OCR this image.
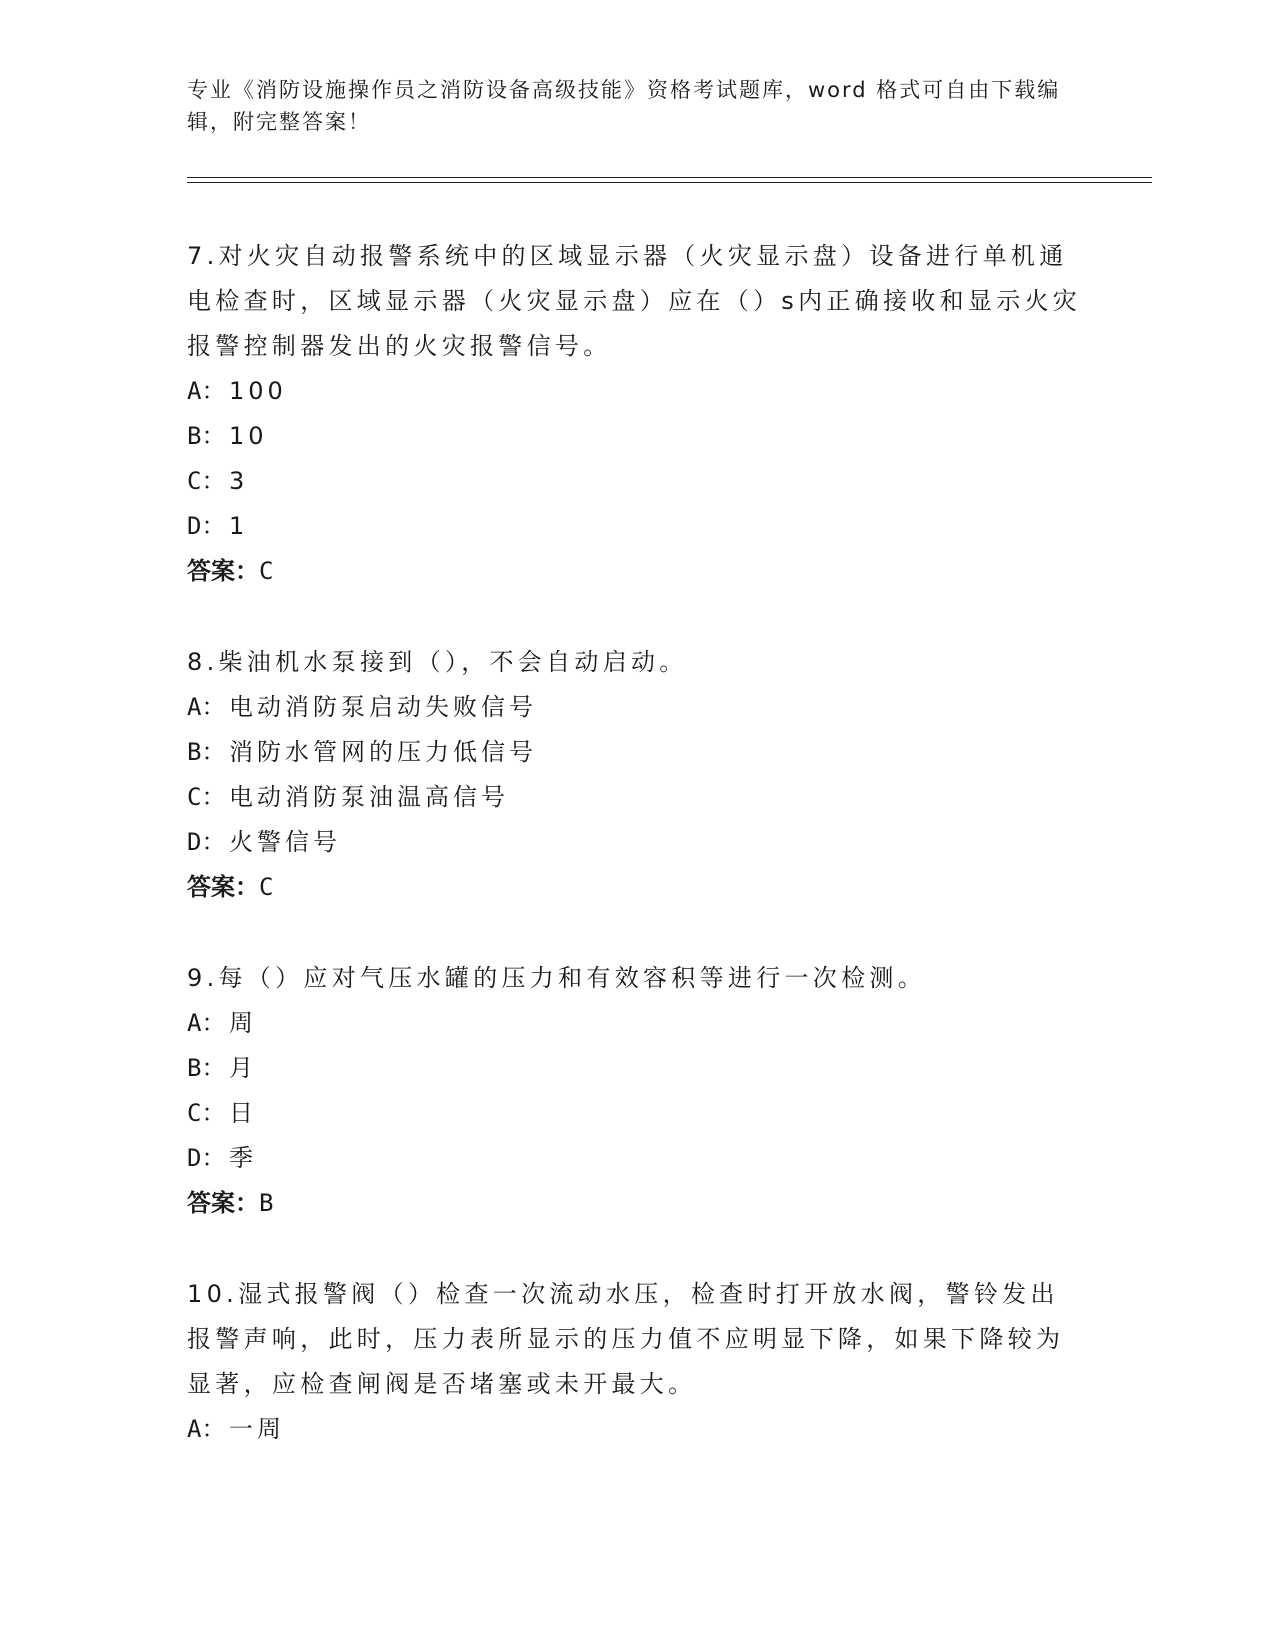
专业《消防设施操作员之消防设备高级技能》资格考试题库，word 格式可自由下载编辑，附完整答案！

7.对火灾自动报警系统中的区域显示器（火灾显示盘）设备进行单机通电检查时，区域显示器（火灾显示盘）应在（）s内正确接收和显示火灾报警控制器发出的火灾报警信号。

A： 100

B： 10

C： 3

D： 1

答案：C

8.柴油机水泵接到（），不会自动启动。

A： 电动消防泵启动失败信号

B： 消防水管网的压力低信号

C： 电动消防泵油温高信号

D： 火警信号

答案：C

9.每（）应对气压水罐的压力和有效容积等进行一次检测。

A： 周

B： 月

C： 日

D： 季

答案：B

10.湿式报警阀（）检查一次流动水压，检查时打开放水阀，警铃发出报警声响，此时，压力表所显示的压力值不应明显下降，如果下降较为显著，应检查闸阀是否堵塞或未开最大。

A： 一周
